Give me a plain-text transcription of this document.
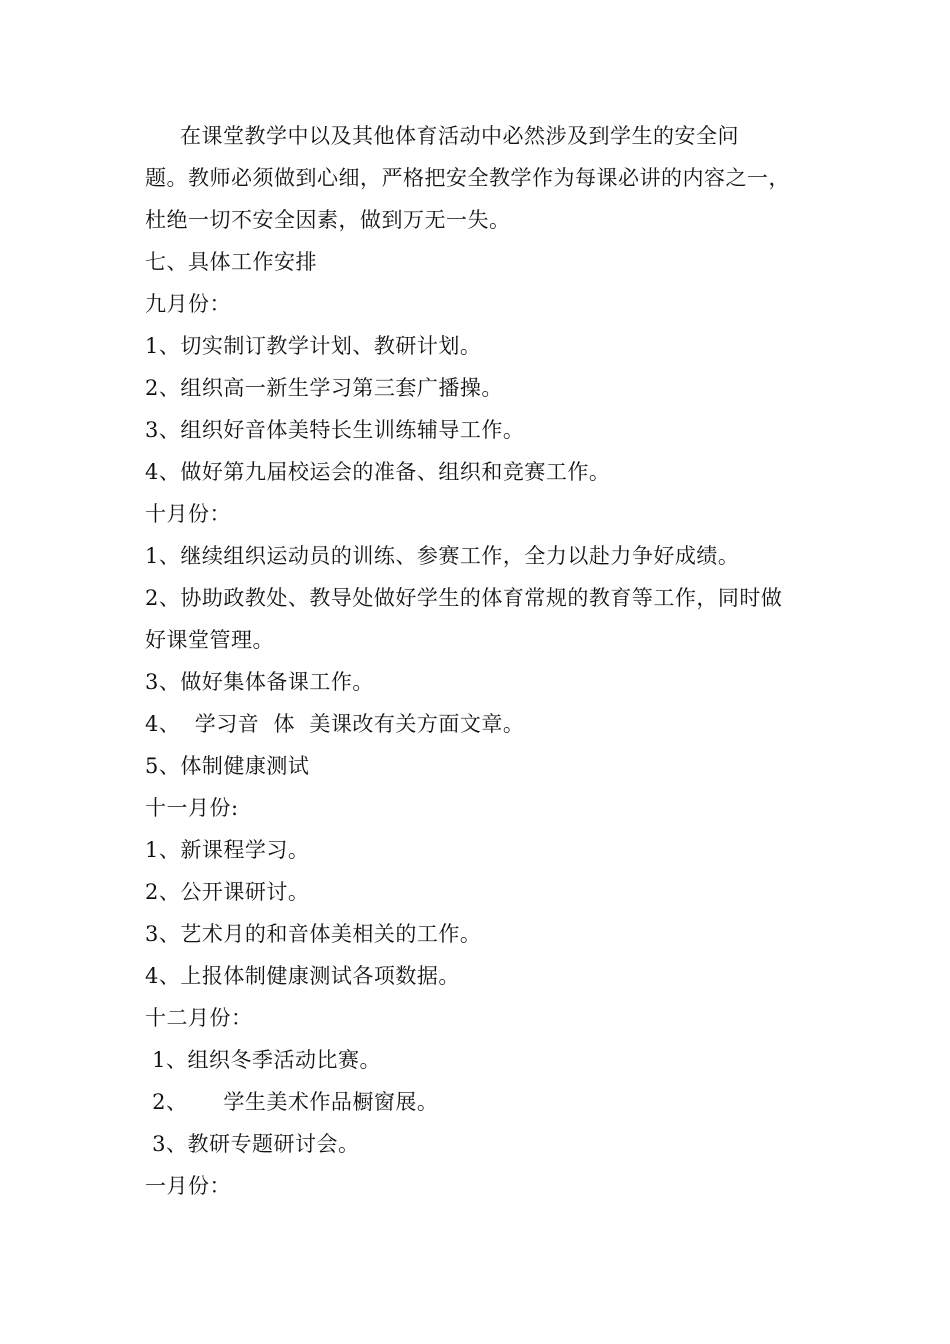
在课堂教学中以及其他体育活动中必然涉及到学生的安全问
题。教师必须做到心细，严格把安全教学作为每课必讲的内容之一，
杜绝一切不安全因素，做到万无一失。
七、具体工作安排
九月份：
1、切实制订教学计划、教研计划。
2、组织高一新生学习第三套广播操。
3、组织好音体美特长生训练辅导工作。
4、做好第九届校运会的准备、组织和竞赛工作。
十月份：
1、继续组织运动员的训练、参赛工作，全力以赴力争好成绩。
2、协助政教处、教导处做好学生的体育常规的教育等工作，同时做
好课堂管理。
3、做好集体备课工作。
4、  学习音  体  美课改有关方面文章。
5、体制健康测试
十一月份:
1、新课程学习。
2、公开课研讨。
3、艺术月的和音体美相关的工作。
4、上报体制健康测试各项数据。
十二月份：
1、组织冬季活动比赛。
2、     学生美术作品橱窗展。
3、教研专题研讨会。
一月份：
